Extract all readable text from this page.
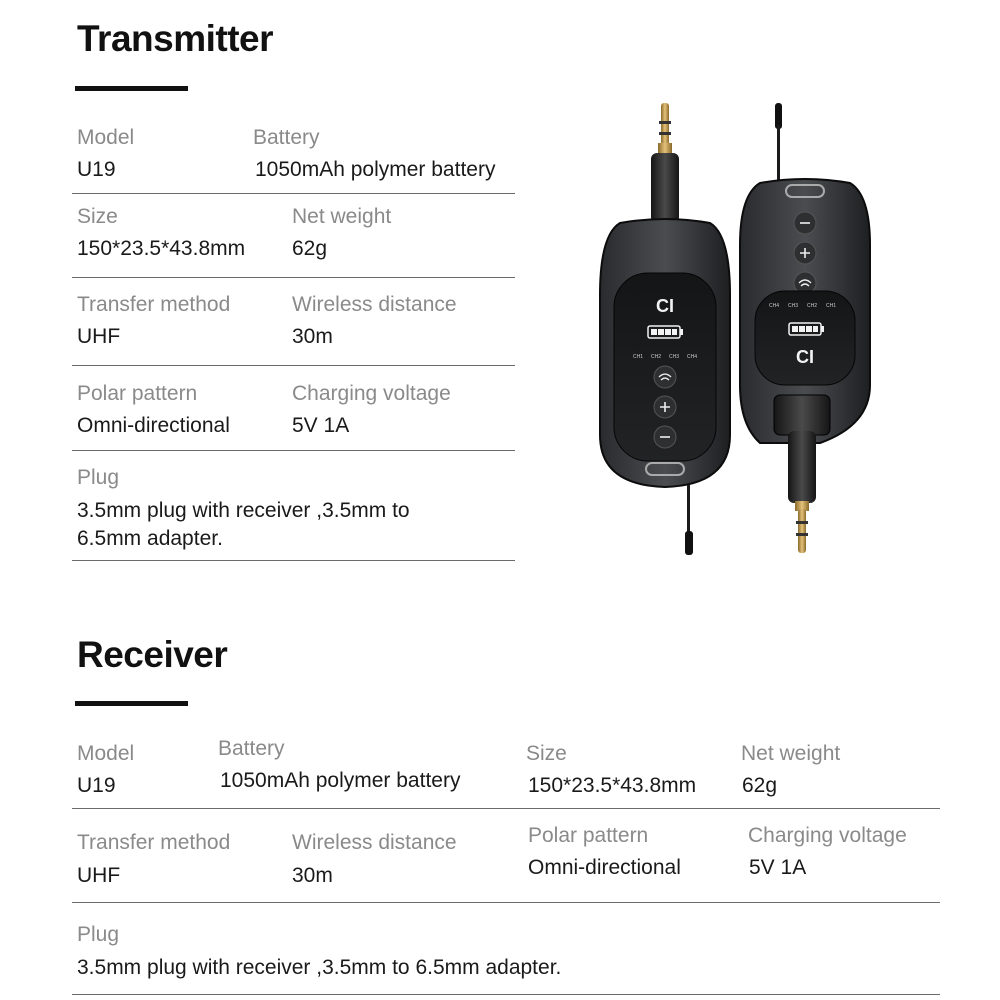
Transmitter
Model	Battery
U19	1050mAh polymer battery
Size	Net weight
150*23.5*43.8mm 62g
Transfer method	Wireless distance
UHF	30m
Polar pattern	Charging voltage
Omni-directional	5V 1A
Plug
3.5mm plug with receiver ,3.5mm to 6.5mm adapter.
CI
CH1 CH2 CH3 CH4
CH4 CH3 CH2 CH1
CI
Receiver
Model	Battery	Size	Net weight
U19	1050mAh polymer battery	150*23.5*43.8mm 62g
Transfer method	Wireless distance	Polar pattern	Charging voltage
UHF	30m	Omni-directional	5V 1A
Plug
3.5mm plug with receiver ,3.5mm to 6.5mm adapter.
